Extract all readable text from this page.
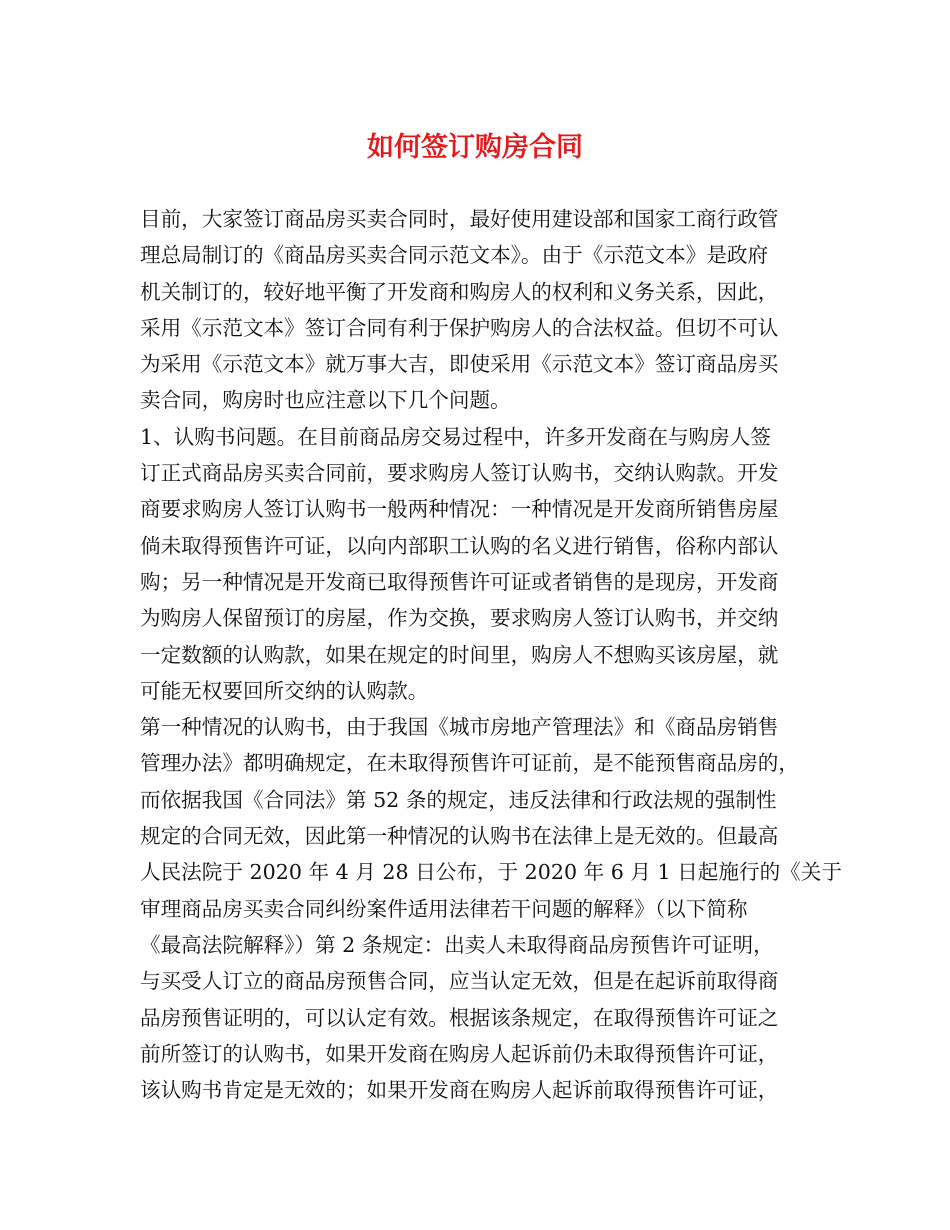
如何签订购房合同
目前，大家签订商品房买卖合同时，最好使用建设部和国家工商行政管
理总局制订的《商品房买卖合同示范文本》。由于《示范文本》是政府
机关制订的，较好地平衡了开发商和购房人的权利和义务关系，因此，
采用《示范文本》签订合同有利于保护购房人的合法权益。但切不可认
为采用《示范文本》就万事大吉，即使采用《示范文本》签订商品房买
卖合同，购房时也应注意以下几个问题。
1、认购书问题。在目前商品房交易过程中，许多开发商在与购房人签
订正式商品房买卖合同前，要求购房人签订认购书，交纳认购款。开发
商要求购房人签订认购书一般两种情况：一种情况是开发商所销售房屋
倘未取得预售许可证，以向内部职工认购的名义进行销售，俗称内部认
购；另一种情况是开发商已取得预售许可证或者销售的是现房，开发商
为购房人保留预订的房屋，作为交换，要求购房人签订认购书，并交纳
一定数额的认购款，如果在规定的时间里，购房人不想购买该房屋，就
可能无权要回所交纳的认购款。
第一种情况的认购书，由于我国《城市房地产管理法》和《商品房销售
管理办法》都明确规定，在未取得预售许可证前，是不能预售商品房的，
而依据我国《合同法》第 52 条的规定，违反法律和行政法规的强制性
规定的合同无效，因此第一种情况的认购书在法律上是无效的。但最高
人民法院于 2020 年 4 月 28 日公布，于 2020 年 6 月 1 日起施行的《关于
审理商品房买卖合同纠纷案件适用法律若干问题的解释》（以下简称
《最高法院解释》）第 2 条规定：出卖人未取得商品房预售许可证明，
与买受人订立的商品房预售合同，应当认定无效，但是在起诉前取得商
品房预售证明的，可以认定有效。根据该条规定，在取得预售许可证之
前所签订的认购书，如果开发商在购房人起诉前仍未取得预售许可证，
该认购书肯定是无效的；如果开发商在购房人起诉前取得预售许可证，
